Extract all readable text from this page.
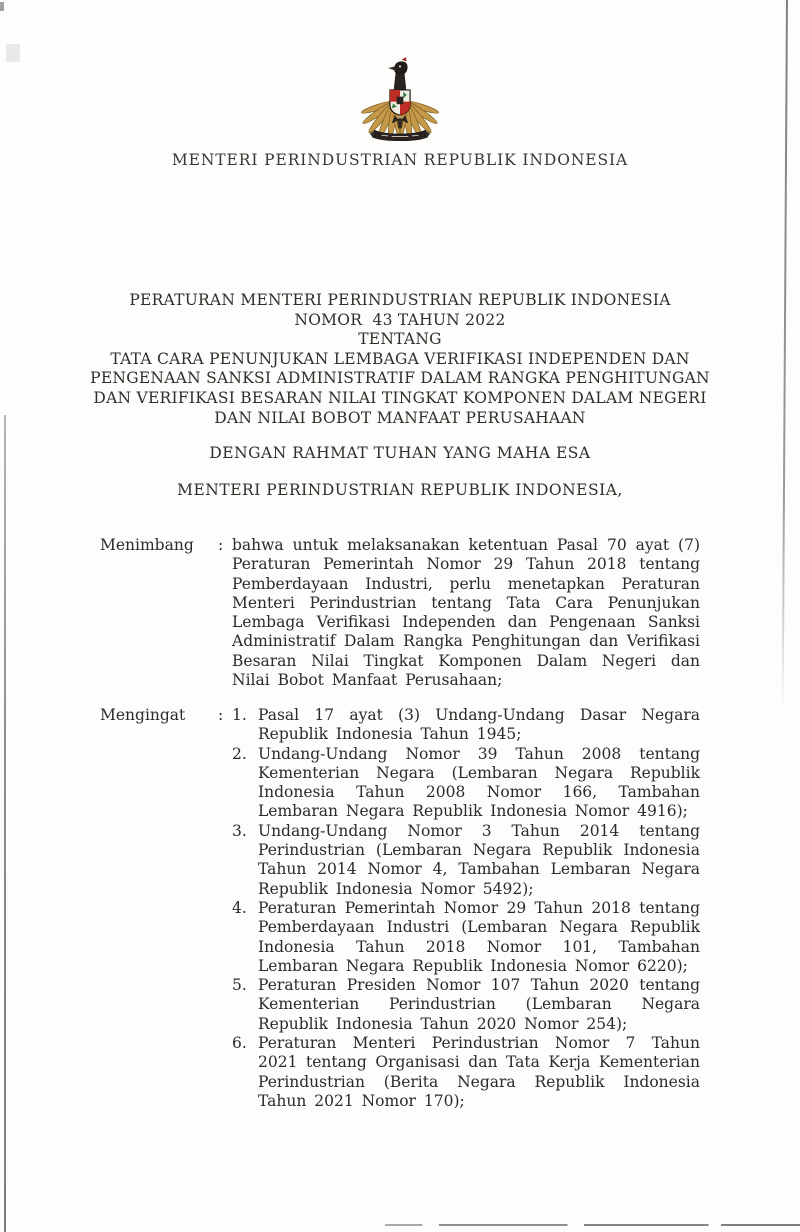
MENTERI PERINDUSTRIAN REPUBLIK INDONESIA
PERATURAN MENTERI PERINDUSTRIAN REPUBLIK INDONESIA
NOMOR  43 TAHUN 2022
TENTANG
TATA CARA PENUNJUKAN LEMBAGA VERIFIKASI INDEPENDEN DAN
PENGENAAN SANKSI ADMINISTRATIF DALAM RANGKA PENGHITUNGAN
DAN VERIFIKASI BESARAN NILAI TINGKAT KOMPONEN DALAM NEGERI
DAN NILAI BOBOT MANFAAT PERUSAHAAN
DENGAN RAHMAT TUHAN YANG MAHA ESA
MENTERI PERINDUSTRIAN REPUBLIK INDONESIA,
Menimbang	: bahwa untuk melaksanakan ketentuan Pasal 70 ayat (7) Peraturan Pemerintah Nomor 29 Tahun 2018 tentang Pemberdayaan Industri, perlu menetapkan Peraturan Menteri Perindustrian tentang Tata Cara Penunjukan Lembaga Verifikasi Independen dan Pengenaan Sanksi Administratif Dalam Rangka Penghitungan dan Verifikasi Besaran Nilai Tingkat Komponen Dalam Negeri dan Nilai Bobot Manfaat Perusahaan;
Mengingat	: 1. Pasal 17 ayat (3) Undang-Undang Dasar Negara Republik Indonesia Tahun 1945;
2. Undang-Undang Nomor 39 Tahun 2008 tentang Kementerian Negara (Lembaran Negara Republik Indonesia Tahun 2008 Nomor 166, Tambahan Lembaran Negara Republik Indonesia Nomor 4916);
3. Undang-Undang Nomor 3 Tahun 2014 tentang Perindustrian (Lembaran Negara Republik Indonesia Tahun 2014 Nomor 4, Tambahan Lembaran Negara Republik Indonesia Nomor 5492);
4. Peraturan Pemerintah Nomor 29 Tahun 2018 tentang Pemberdayaan Industri (Lembaran Negara Republik Indonesia Tahun 2018 Nomor 101, Tambahan Lembaran Negara Republik Indonesia Nomor 6220);
5. Peraturan Presiden Nomor 107 Tahun 2020 tentang Kementerian Perindustrian (Lembaran Negara Republik Indonesia Tahun 2020 Nomor 254);
6. Peraturan Menteri Perindustrian Nomor 7 Tahun 2021 tentang Organisasi dan Tata Kerja Kementerian Perindustrian (Berita Negara Republik Indonesia Tahun 2021 Nomor 170);
